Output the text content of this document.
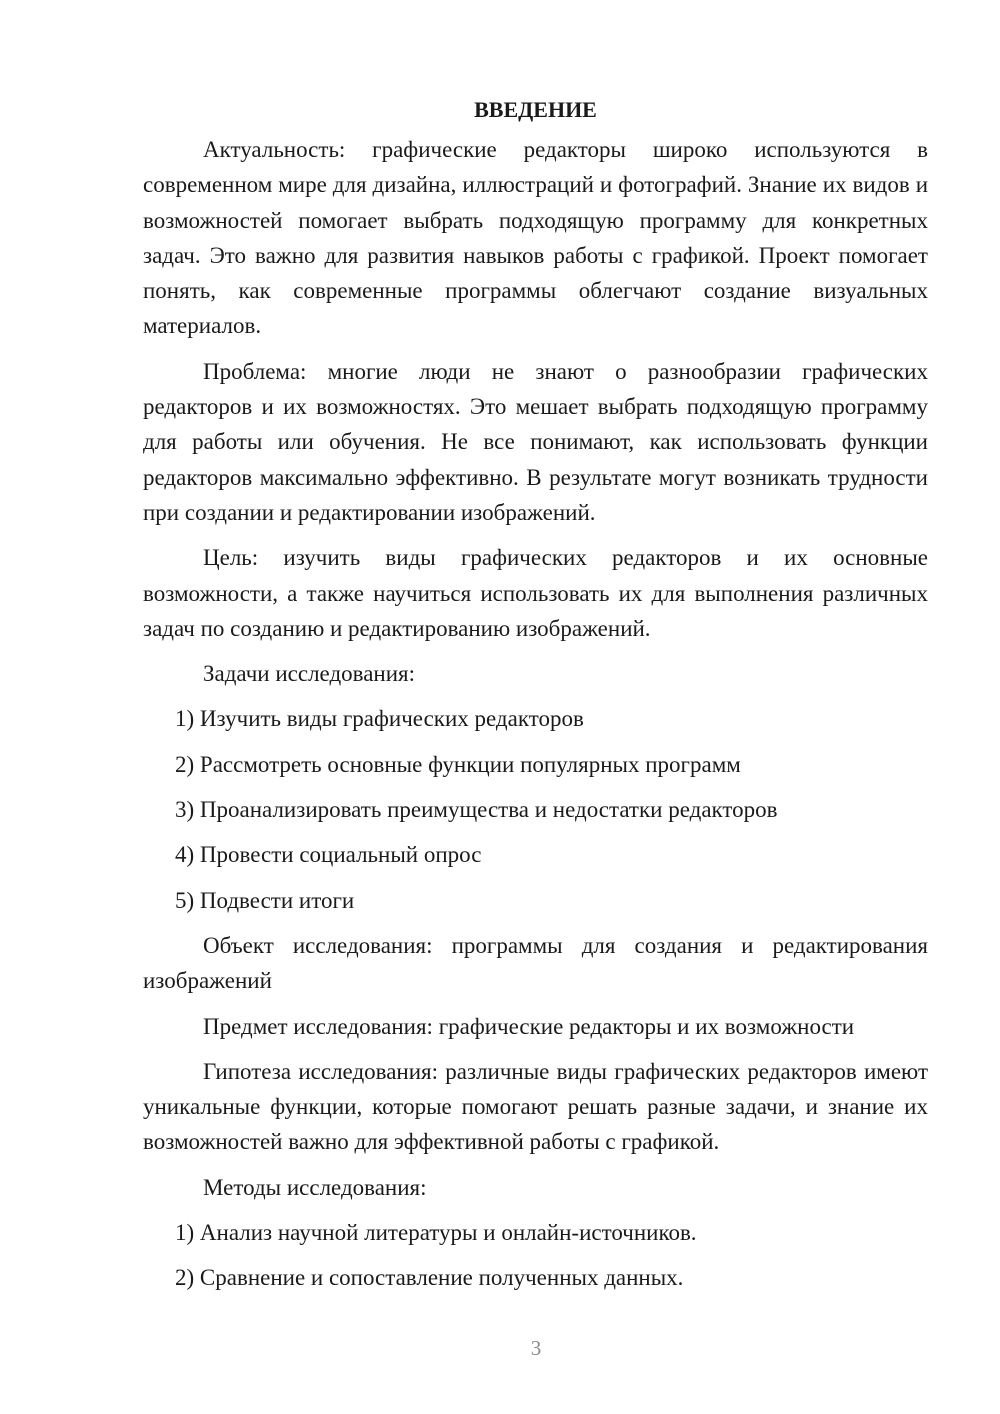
ВВЕДЕНИЕ

Актуальность: графические редакторы широко используются в современном мире для дизайна, иллюстраций и фотографий. Знание их видов и возможностей помогает выбрать подходящую программу для конкретных задач. Это важно для развития навыков работы с графикой. Проект помогает понять, как современные программы облегчают создание визуальных материалов.

Проблема: многие люди не знают о разнообразии графических редакторов и их возможностях. Это мешает выбрать подходящую программу для работы или обучения. Не все понимают, как использовать функции редакторов максимально эффективно. В результате могут возникать трудности при создании и редактировании изображений.

Цель: изучить виды графических редакторов и их основные возможности, а также научиться использовать их для выполнения различных задач по созданию и редактированию изображений.

Задачи исследования:

1) Изучить виды графических редакторов
2) Рассмотреть основные функции популярных программ
3) Проанализировать преимущества и недостатки редакторов
4) Провести социальный опрос
5) Подвести итоги

Объект исследования: программы для создания и редактирования изображений

Предмет исследования: графические редакторы и их возможности

Гипотеза исследования: различные виды графических редакторов имеют уникальные функции, которые помогают решать разные задачи, и знание их возможностей важно для эффективной работы с графикой.

Методы исследования:

1) Анализ научной литературы и онлайн-источников.
2) Сравнение и сопоставление полученных данных.
3
